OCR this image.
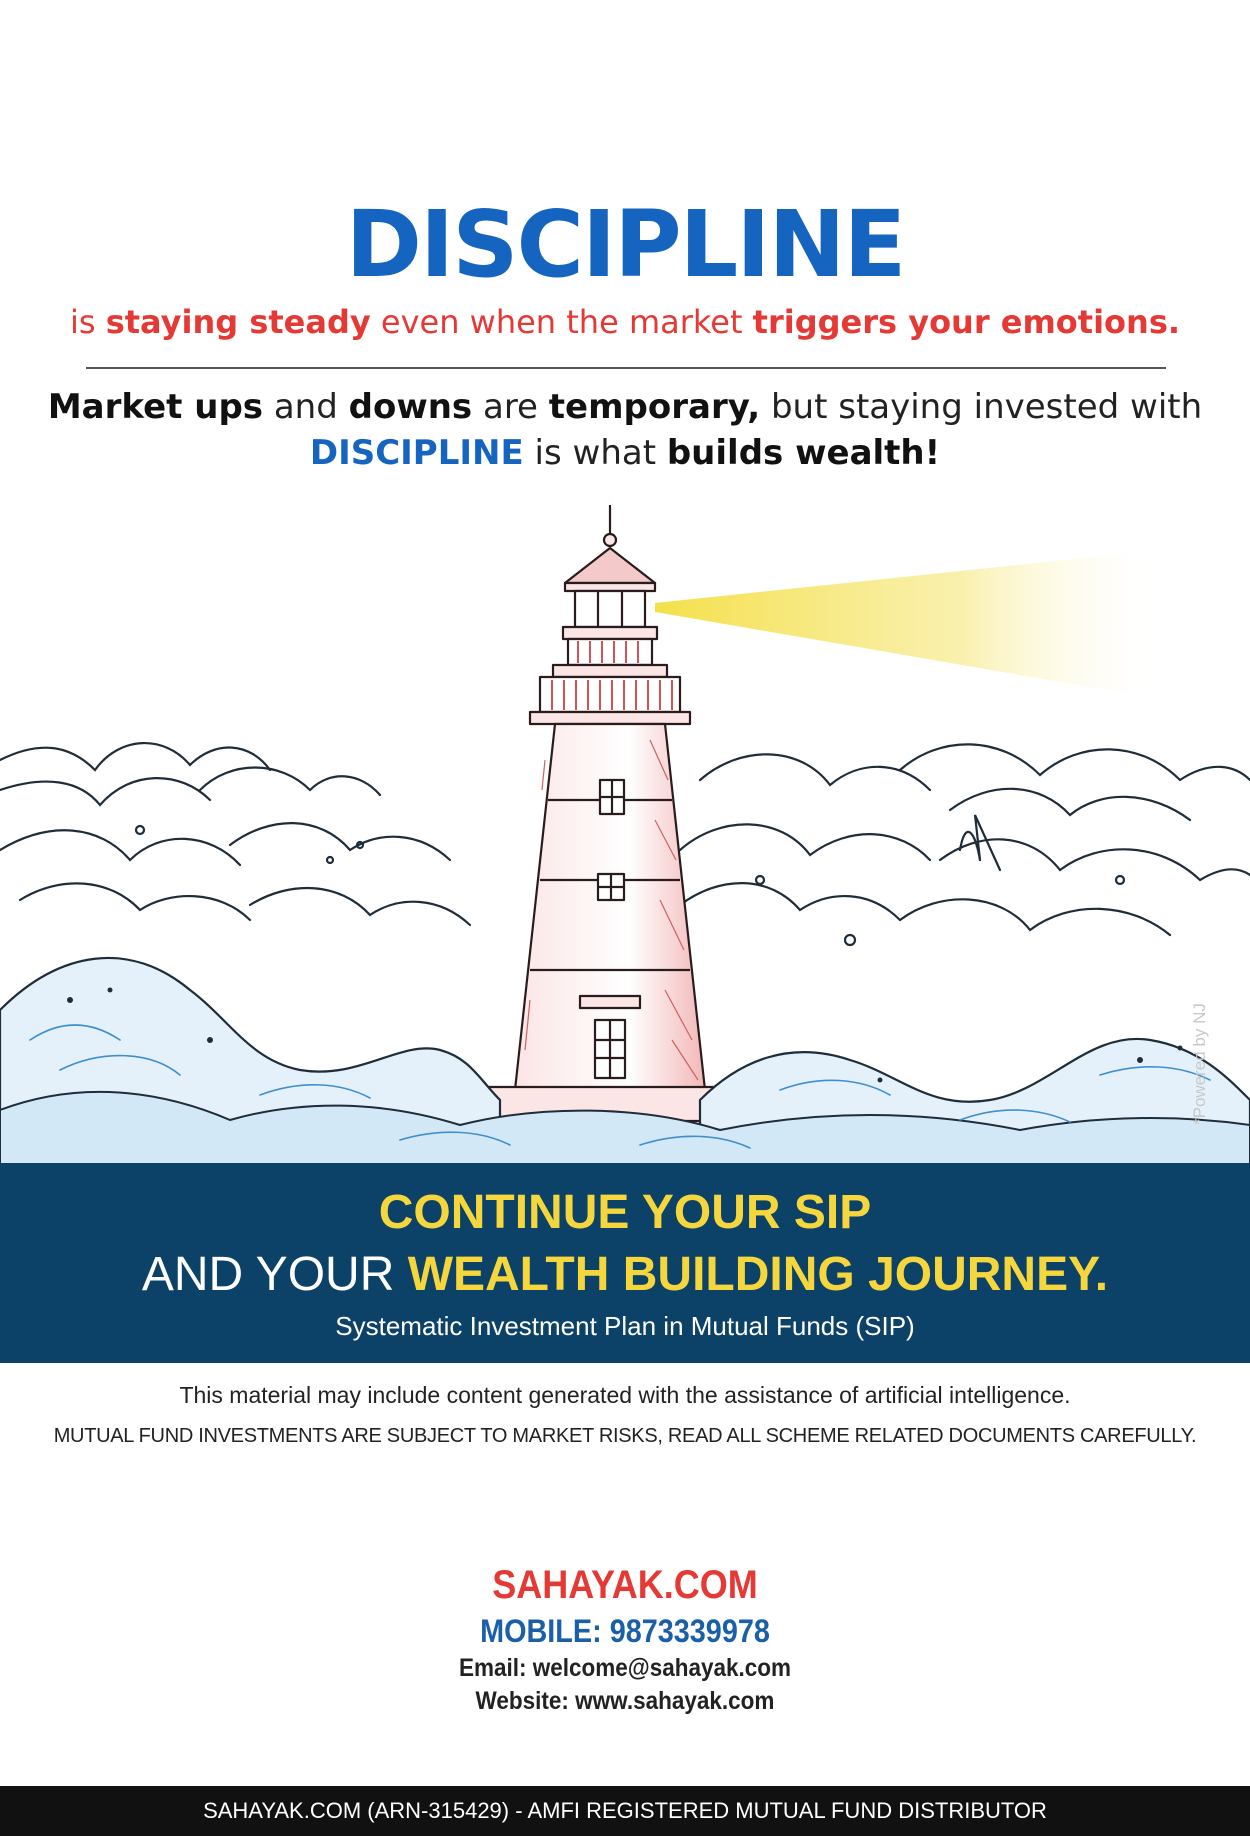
DISCIPLINE
is staying steady even when the market triggers your emotions.
Market ups and downs are temporary, but staying invested with
DISCIPLINE is what builds wealth!
*Powered by NJ
CONTINUE YOUR SIP
AND YOUR WEALTH BUILDING JOURNEY.
Systematic Investment Plan in Mutual Funds (SIP)
This material may include content generated with the assistance of artificial intelligence.
MUTUAL FUND INVESTMENTS ARE SUBJECT TO MARKET RISKS, READ ALL SCHEME RELATED DOCUMENTS CAREFULLY.
SAHAYAK.COM
MOBILE: 9873339978
Email: welcome@sahayak.com
Website: www.sahayak.com
SAHAYAK.COM (ARN-315429) - AMFI REGISTERED MUTUAL FUND DISTRIBUTOR
